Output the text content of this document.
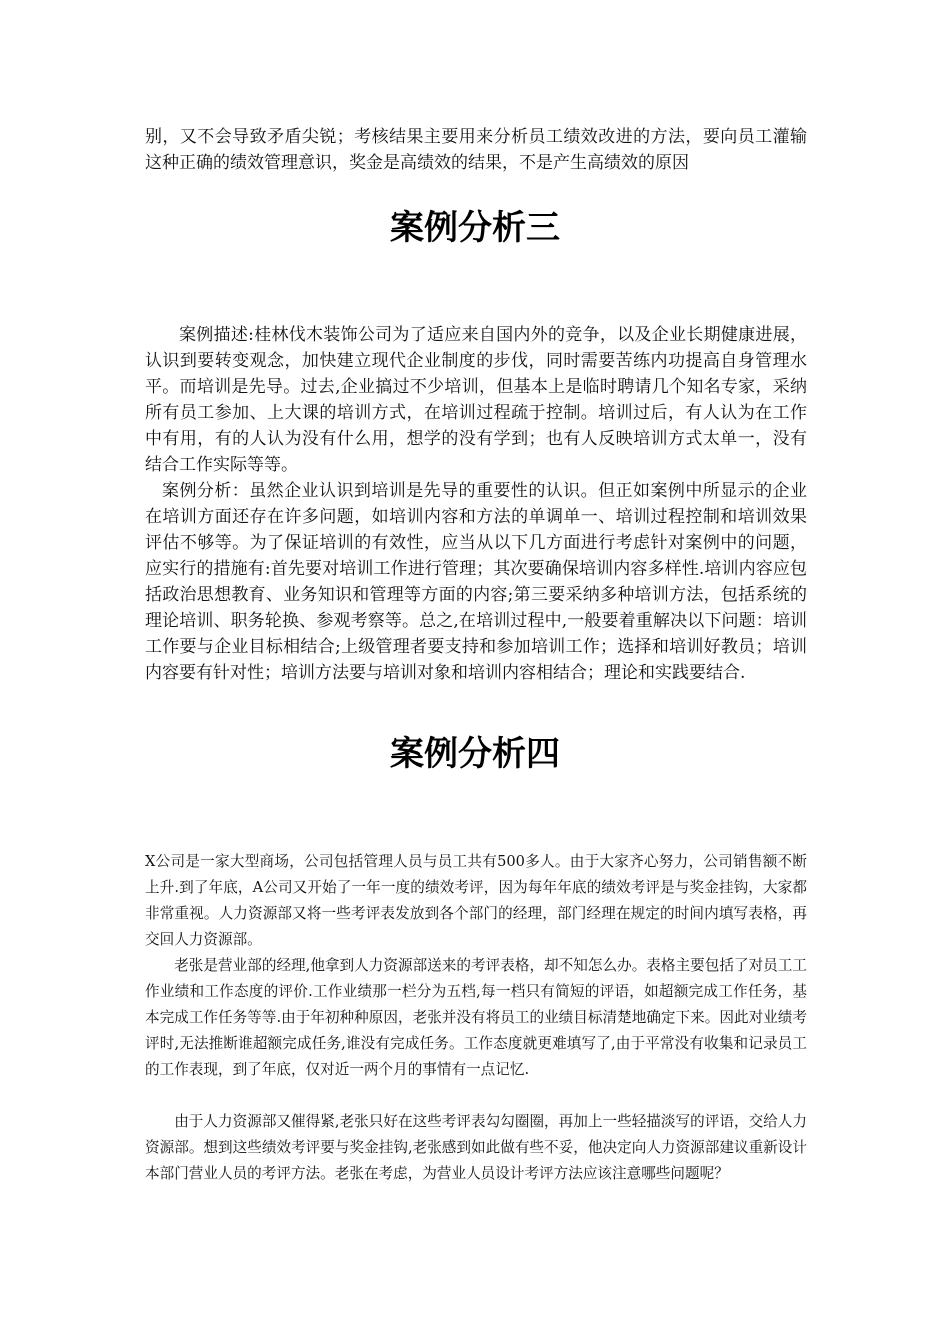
别，又不会导致矛盾尖锐；考核结果主要用来分析员工绩效改进的方法，要向员工灌输这种正确的绩效管理意识，奖金是高绩效的结果，不是产生高绩效的原因

案例分析三

案例描述:桂林伐木装饰公司为了适应来自国内外的竞争，以及企业长期健康进展，认识到要转变观念，加快建立现代企业制度的步伐，同时需要苦练内功提高自身管理水平。而培训是先导。过去,企业搞过不少培训，但基本上是临时聘请几个知名专家，采纳所有员工参加、上大课的培训方式，在培训过程疏于控制。培训过后，有人认为在工作中有用，有的人认为没有什么用，想学的没有学到；也有人反映培训方式太单一，没有结合工作实际等等。

案例分析：虽然企业认识到培训是先导的重要性的认识。但正如案例中所显示的企业在培训方面还存在许多问题，如培训内容和方法的单调单一、培训过程控制和培训效果评估不够等。为了保证培训的有效性，应当从以下几方面进行考虑针对案例中的问题，应实行的措施有:首先要对培训工作进行管理；其次要确保培训内容多样性.培训内容应包括政治思想教育、业务知识和管理等方面的内容;第三要采纳多种培训方法，包括系统的理论培训、职务轮换、参观考察等。总之,在培训过程中,一般要着重解决以下问题：培训工作要与企业目标相结合;上级管理者要支持和参加培训工作；选择和培训好教员；培训内容要有针对性；培训方法要与培训对象和培训内容相结合；理论和实践要结合.

案例分析四

X公司是一家大型商场，公司包括管理人员与员工共有500多人。由于大家齐心努力，公司销售额不断上升.到了年底，A公司又开始了一年一度的绩效考评，因为每年年底的绩效考评是与奖金挂钩，大家都非常重视。人力资源部又将一些考评表发放到各个部门的经理，部门经理在规定的时间内填写表格，再交回人力资源部。

老张是营业部的经理,他拿到人力资源部送来的考评表格，却不知怎么办。表格主要包括了对员工工作业绩和工作态度的评价.工作业绩那一栏分为五档,每一档只有简短的评语，如超额完成工作任务，基本完成工作任务等等.由于年初种种原因，老张并没有将员工的业绩目标清楚地确定下来。因此对业绩考评时,无法推断谁超额完成任务,谁没有完成任务。工作态度就更难填写了,由于平常没有收集和记录员工的工作表现，到了年底，仅对近一两个月的事情有一点记忆.

由于人力资源部又催得紧,老张只好在这些考评表勾勾圈圈，再加上一些轻描淡写的评语，交给人力资源部。想到这些绩效考评要与奖金挂钩,老张感到如此做有些不妥，他决定向人力资源部建议重新设计本部门营业人员的考评方法。老张在考虑，为营业人员设计考评方法应该注意哪些问题呢？
